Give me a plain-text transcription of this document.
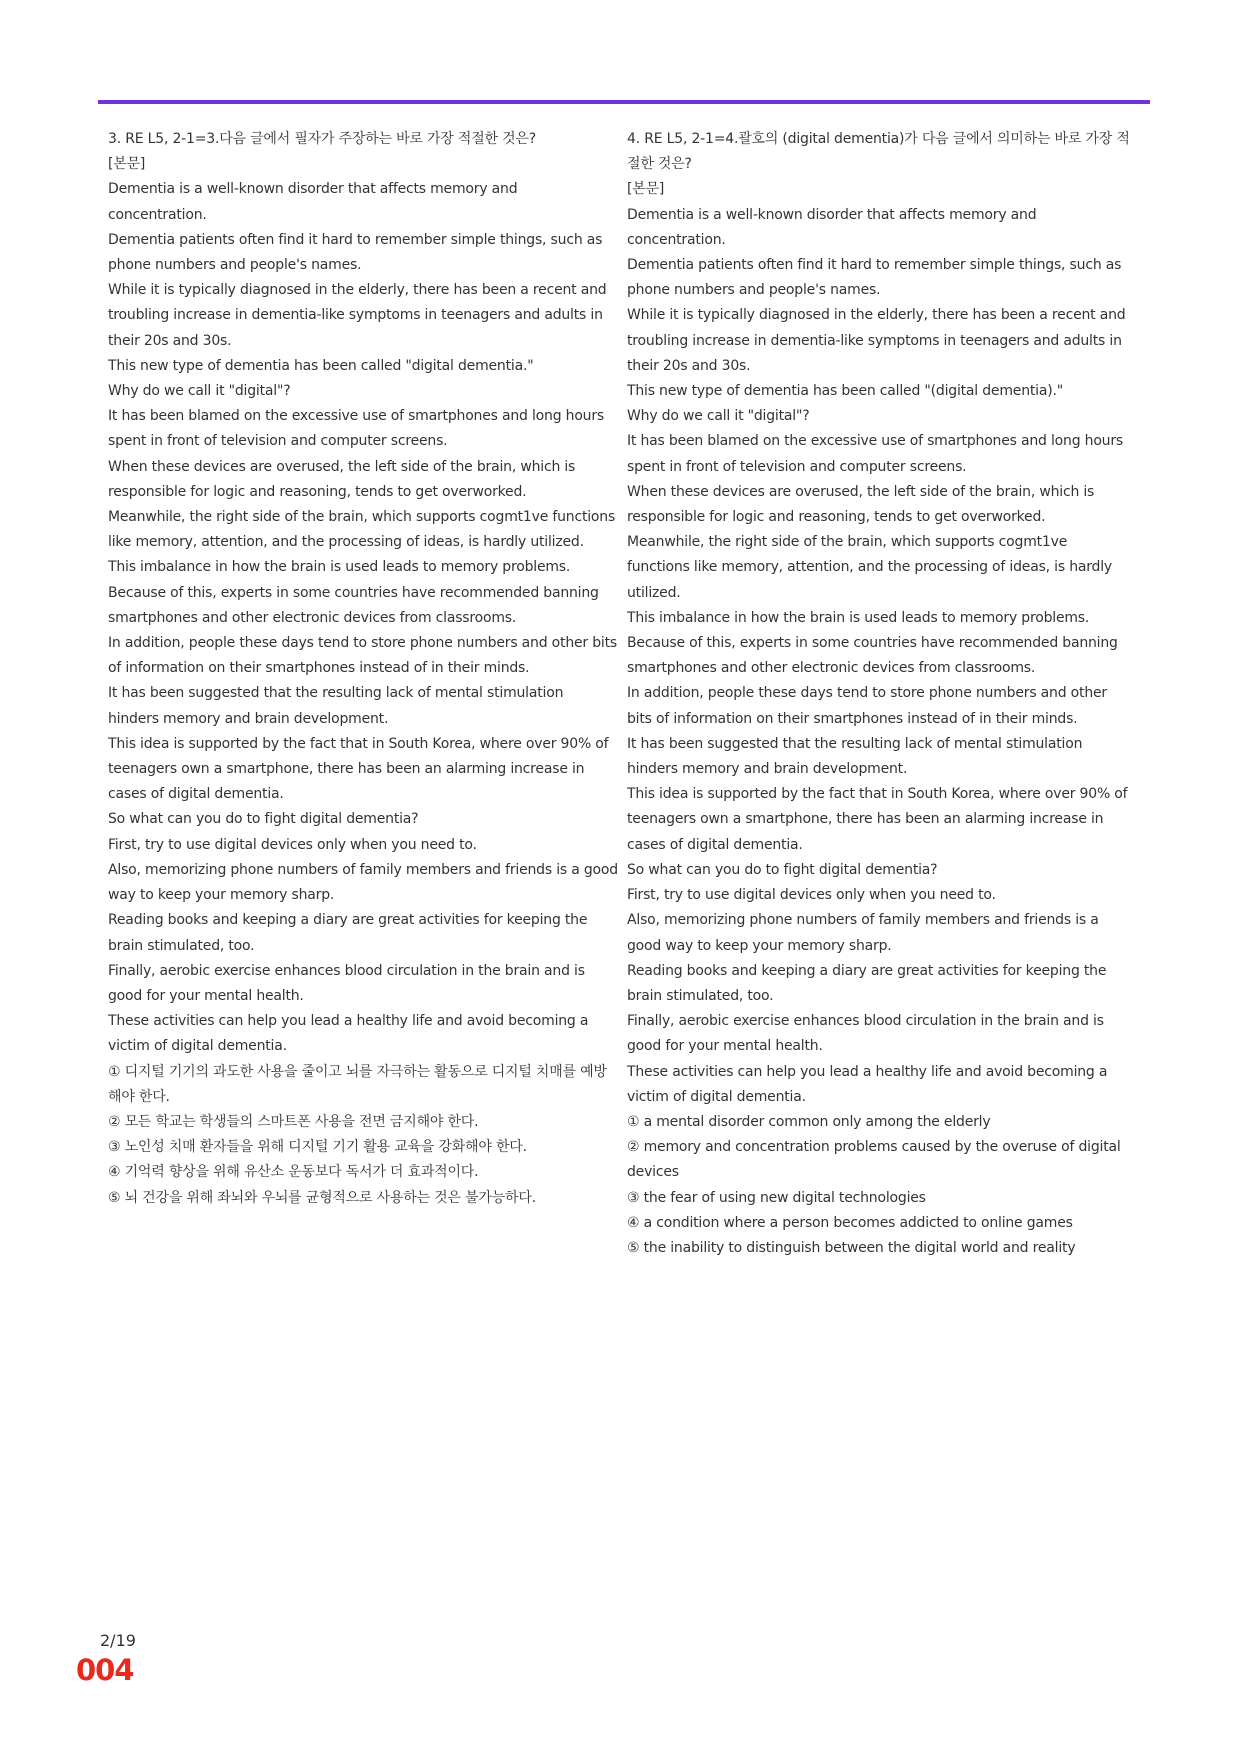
3. RE L5, 2-1=3.다음 글에서 필자가 주장하는 바로 가장 적절한 것은?

[본문]

Dementia is a well-known disorder that affects memory and concentration.

Dementia patients often find it hard to remember simple things, such as phone numbers and people's names.

While it is typically diagnosed in the elderly, there has been a recent and troubling increase in dementia-like symptoms in teenagers and adults in their 20s and 30s.

This new type of dementia has been called "digital dementia."

Why do we call it "digital"?

It has been blamed on the excessive use of smartphones and long hours spent in front of television and computer screens.

When these devices are overused, the left side of the brain, which is responsible for logic and reasoning, tends to get overworked.

Meanwhile, the right side of the brain, which supports cogmt1ve functions like memory, attention, and the processing of ideas, is hardly utilized.

This imbalance in how the brain is used leads to memory problems.

Because of this, experts in some countries have recommended banning smartphones and other electronic devices from classrooms.

In addition, people these days tend to store phone numbers and other bits of information on their smartphones instead of in their minds.

It has been suggested that the resulting lack of mental stimulation hinders memory and brain development.

This idea is supported by the fact that in South Korea, where over 90% of teenagers own a smartphone, there has been an alarming increase in cases of digital dementia.

So what can you do to fight digital dementia?

First, try to use digital devices only when you need to.

Also, memorizing phone numbers of family members and friends is a good way to keep your memory sharp.

Reading books and keeping a diary are great activities for keeping the brain stimulated, too.

Finally, aerobic exercise enhances blood circulation in the brain and is good for your mental health.

These activities can help you lead a healthy life and avoid becoming a victim of digital dementia.

① 디지털 기기의 과도한 사용을 줄이고 뇌를 자극하는 활동으로 디지털 치매를 예방해야 한다.

② 모든 학교는 학생들의 스마트폰 사용을 전면 금지해야 한다.

③ 노인성 치매 환자들을 위해 디지털 기기 활용 교육을 강화해야 한다.

④ 기억력 향상을 위해 유산소 운동보다 독서가 더 효과적이다.

⑤ 뇌 건강을 위해 좌뇌와 우뇌를 균형적으로 사용하는 것은 불가능하다.

4. RE L5, 2-1=4.괄호의 (digital dementia)가 다음 글에서 의미하는 바로 가장 적절한 것은?

[본문]

Dementia is a well-known disorder that affects memory and concentration.

Dementia patients often find it hard to remember simple things, such as phone numbers and people's names.

While it is typically diagnosed in the elderly, there has been a recent and troubling increase in dementia-like symptoms in teenagers and adults in their 20s and 30s.

This new type of dementia has been called "(digital dementia)."

Why do we call it "digital"?

It has been blamed on the excessive use of smartphones and long hours spent in front of television and computer screens.

When these devices are overused, the left side of the brain, which is responsible for logic and reasoning, tends to get overworked.

Meanwhile, the right side of the brain, which supports cogmt1ve functions like memory, attention, and the processing of ideas, is hardly utilized.

This imbalance in how the brain is used leads to memory problems.

Because of this, experts in some countries have recommended banning smartphones and other electronic devices from classrooms.

In addition, people these days tend to store phone numbers and other bits of information on their smartphones instead of in their minds.

It has been suggested that the resulting lack of mental stimulation hinders memory and brain development.

This idea is supported by the fact that in South Korea, where over 90% of teenagers own a smartphone, there has been an alarming increase in cases of digital dementia.

So what can you do to fight digital dementia?

First, try to use digital devices only when you need to.

Also, memorizing phone numbers of family members and friends is a good way to keep your memory sharp.

Reading books and keeping a diary are great activities for keeping the brain stimulated, too.

Finally, aerobic exercise enhances blood circulation in the brain and is good for your mental health.

These activities can help you lead a healthy life and avoid becoming a victim of digital dementia.

① a mental disorder common only among the elderly

② memory and concentration problems caused by the overuse of digital devices

③ the fear of using new digital technologies

④ a condition where a person becomes addicted to online games

⑤ the inability to distinguish between the digital world and reality

2/19
004
